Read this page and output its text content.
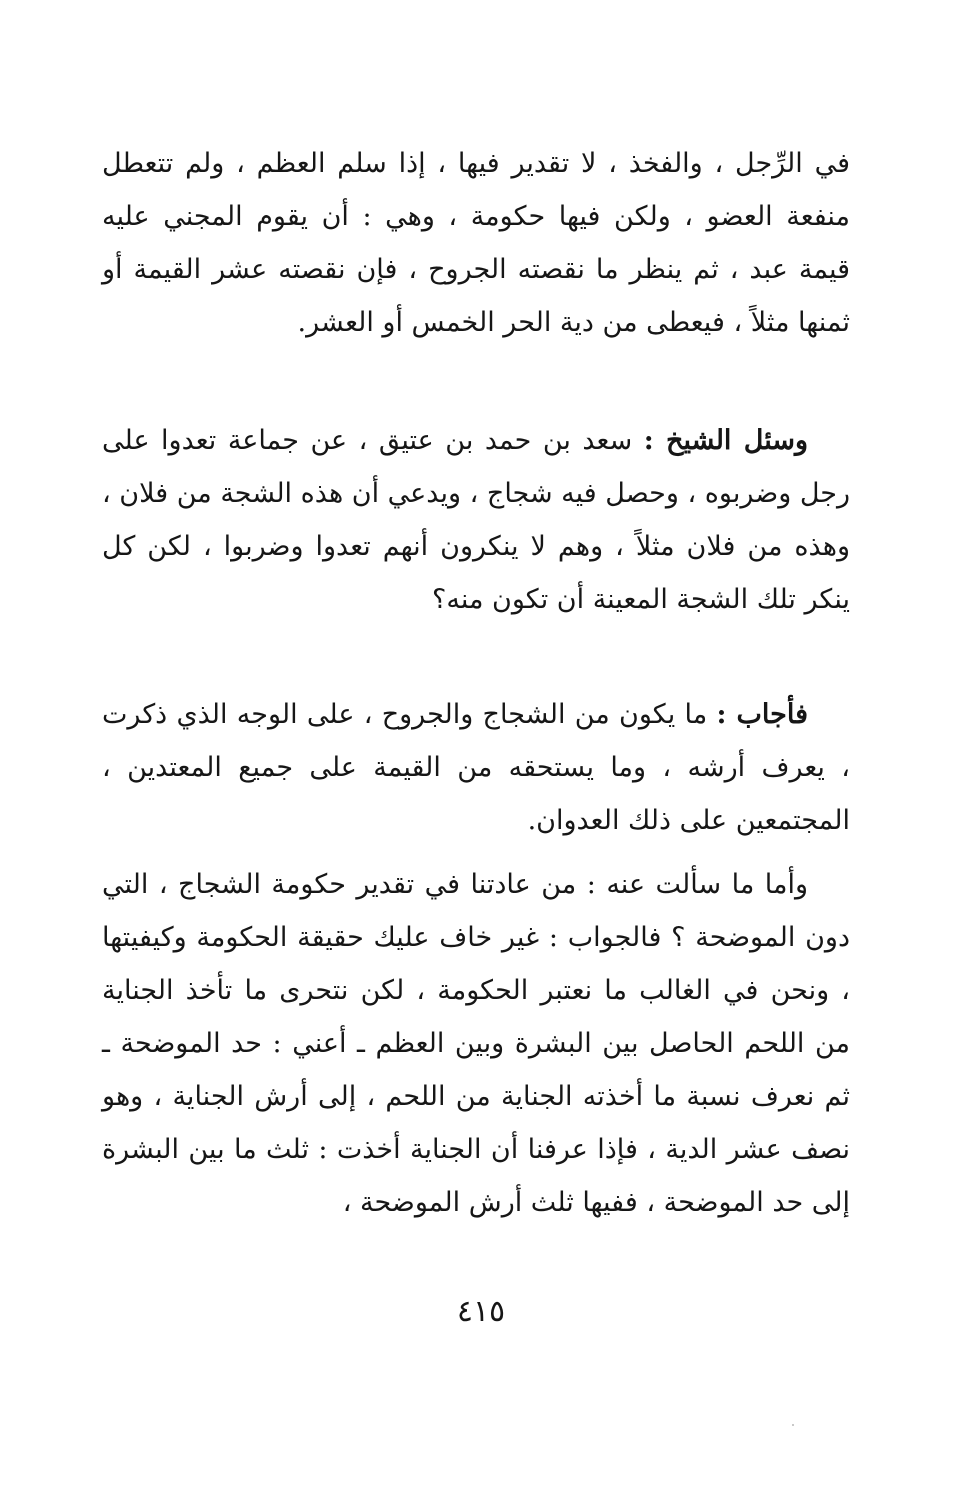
في الرِّجل ، والفخذ ، لا تقدير فيها ، إذا سلم العظم ، ولم تتعطل منفعة العضو ، ولكن فيها حكومة ، وهي : أن يقوم المجني عليه قيمة عبد ، ثم ينظر ما نقصته الجروح ، فإن نقصته عشر القيمة أو ثمنها مثلاً ، فيعطى من دية الحر الخمس أو العشر.

وسئل الشيخ : سعد بن حمد بن عتيق ، عن جماعة تعدوا على رجل وضربوه ، وحصل فيه شجاج ، ويدعي أن هذه الشجة من فلان ، وهذه من فلان مثلاً ، وهم لا ينكرون أنهم تعدوا وضربوا ، لكن كل ينكر تلك الشجة المعينة أن تكون منه؟

فأجاب : ما يكون من الشجاج والجروح ، على الوجه الذي ذكرت ، يعرف أرشه ، وما يستحقه من القيمة على جميع المعتدين ، المجتمعين على ذلك العدوان.

وأما ما سألت عنه : من عادتنا في تقدير حكومة الشجاج ، التي دون الموضحة ؟ فالجواب : غير خاف عليك حقيقة الحكومة وكيفيتها ، ونحن في الغالب ما نعتبر الحكومة ، لكن نتحرى ما تأخذ الجناية من اللحم الحاصل بين البشرة وبين العظم ـ أعني : حد الموضحة ـ ثم نعرف نسبة ما أخذته الجناية من اللحم ، إلى أرش الجناية ، وهو نصف عشر الدية ، فإذا عرفنا أن الجناية أخذت : ثلث ما بين البشرة إلى حد الموضحة ، ففيها ثلث أرش الموضحة ،

٤١٥
